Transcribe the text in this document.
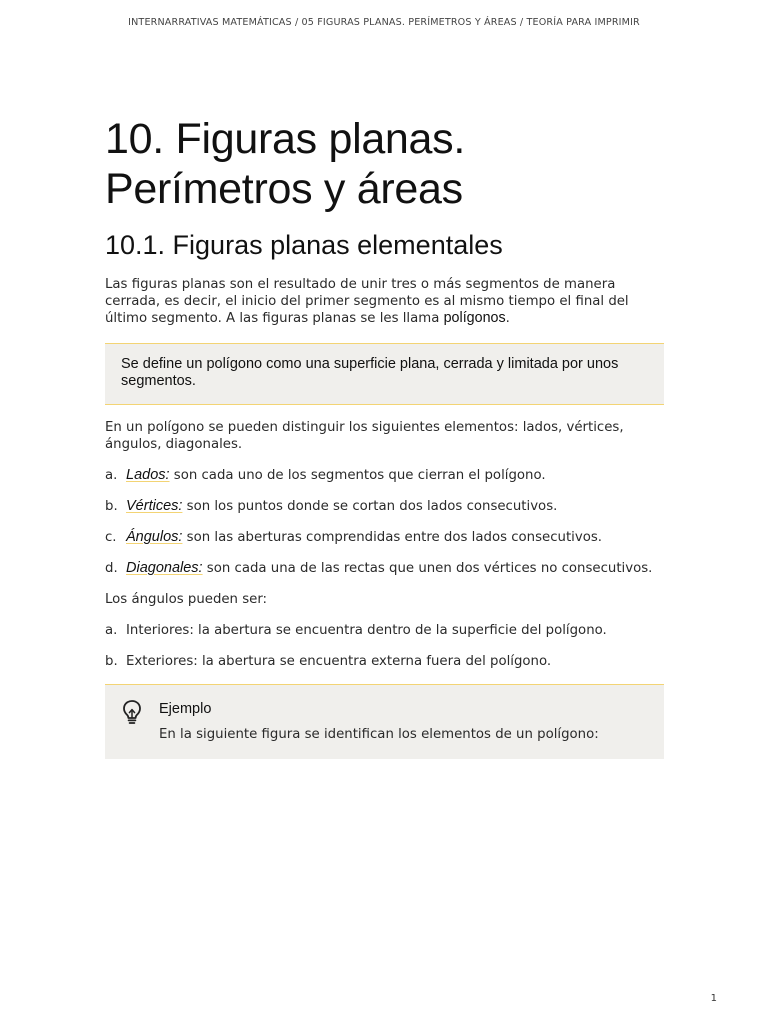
INTERNARRATIVAS MATEMÁTICAS / 05 FIGURAS PLANAS. PERÍMETROS Y ÁREAS / TEORÍA PARA IMPRIMIR
10. Figuras planas.
Perímetros y áreas
10.1. Figuras planas elementales

Las figuras planas son el resultado de unir tres o más segmentos de manera cerrada, es decir, el inicio del primer segmento es al mismo tiempo el final del último segmento. A las figuras planas se les llama polígonos.

Se define un polígono como una superficie plana, cerrada y limitada por unos segmentos.

En un polígono se pueden distinguir los siguientes elementos: lados, vértices, ángulos, diagonales.

a. Lados: son cada uno de los segmentos que cierran el polígono.
b. Vértices: son los puntos donde se cortan dos lados consecutivos.
c. Ángulos: son las aberturas comprendidas entre dos lados consecutivos.
d. Diagonales: son cada una de las rectas que unen dos vértices no consecutivos.

Los ángulos pueden ser:

a. Interiores: la abertura se encuentra dentro de la superficie del polígono.
b. Exteriores: la abertura se encuentra externa fuera del polígono.
Ejemplo
En la siguiente figura se identifican los elementos de un polígono:
1
